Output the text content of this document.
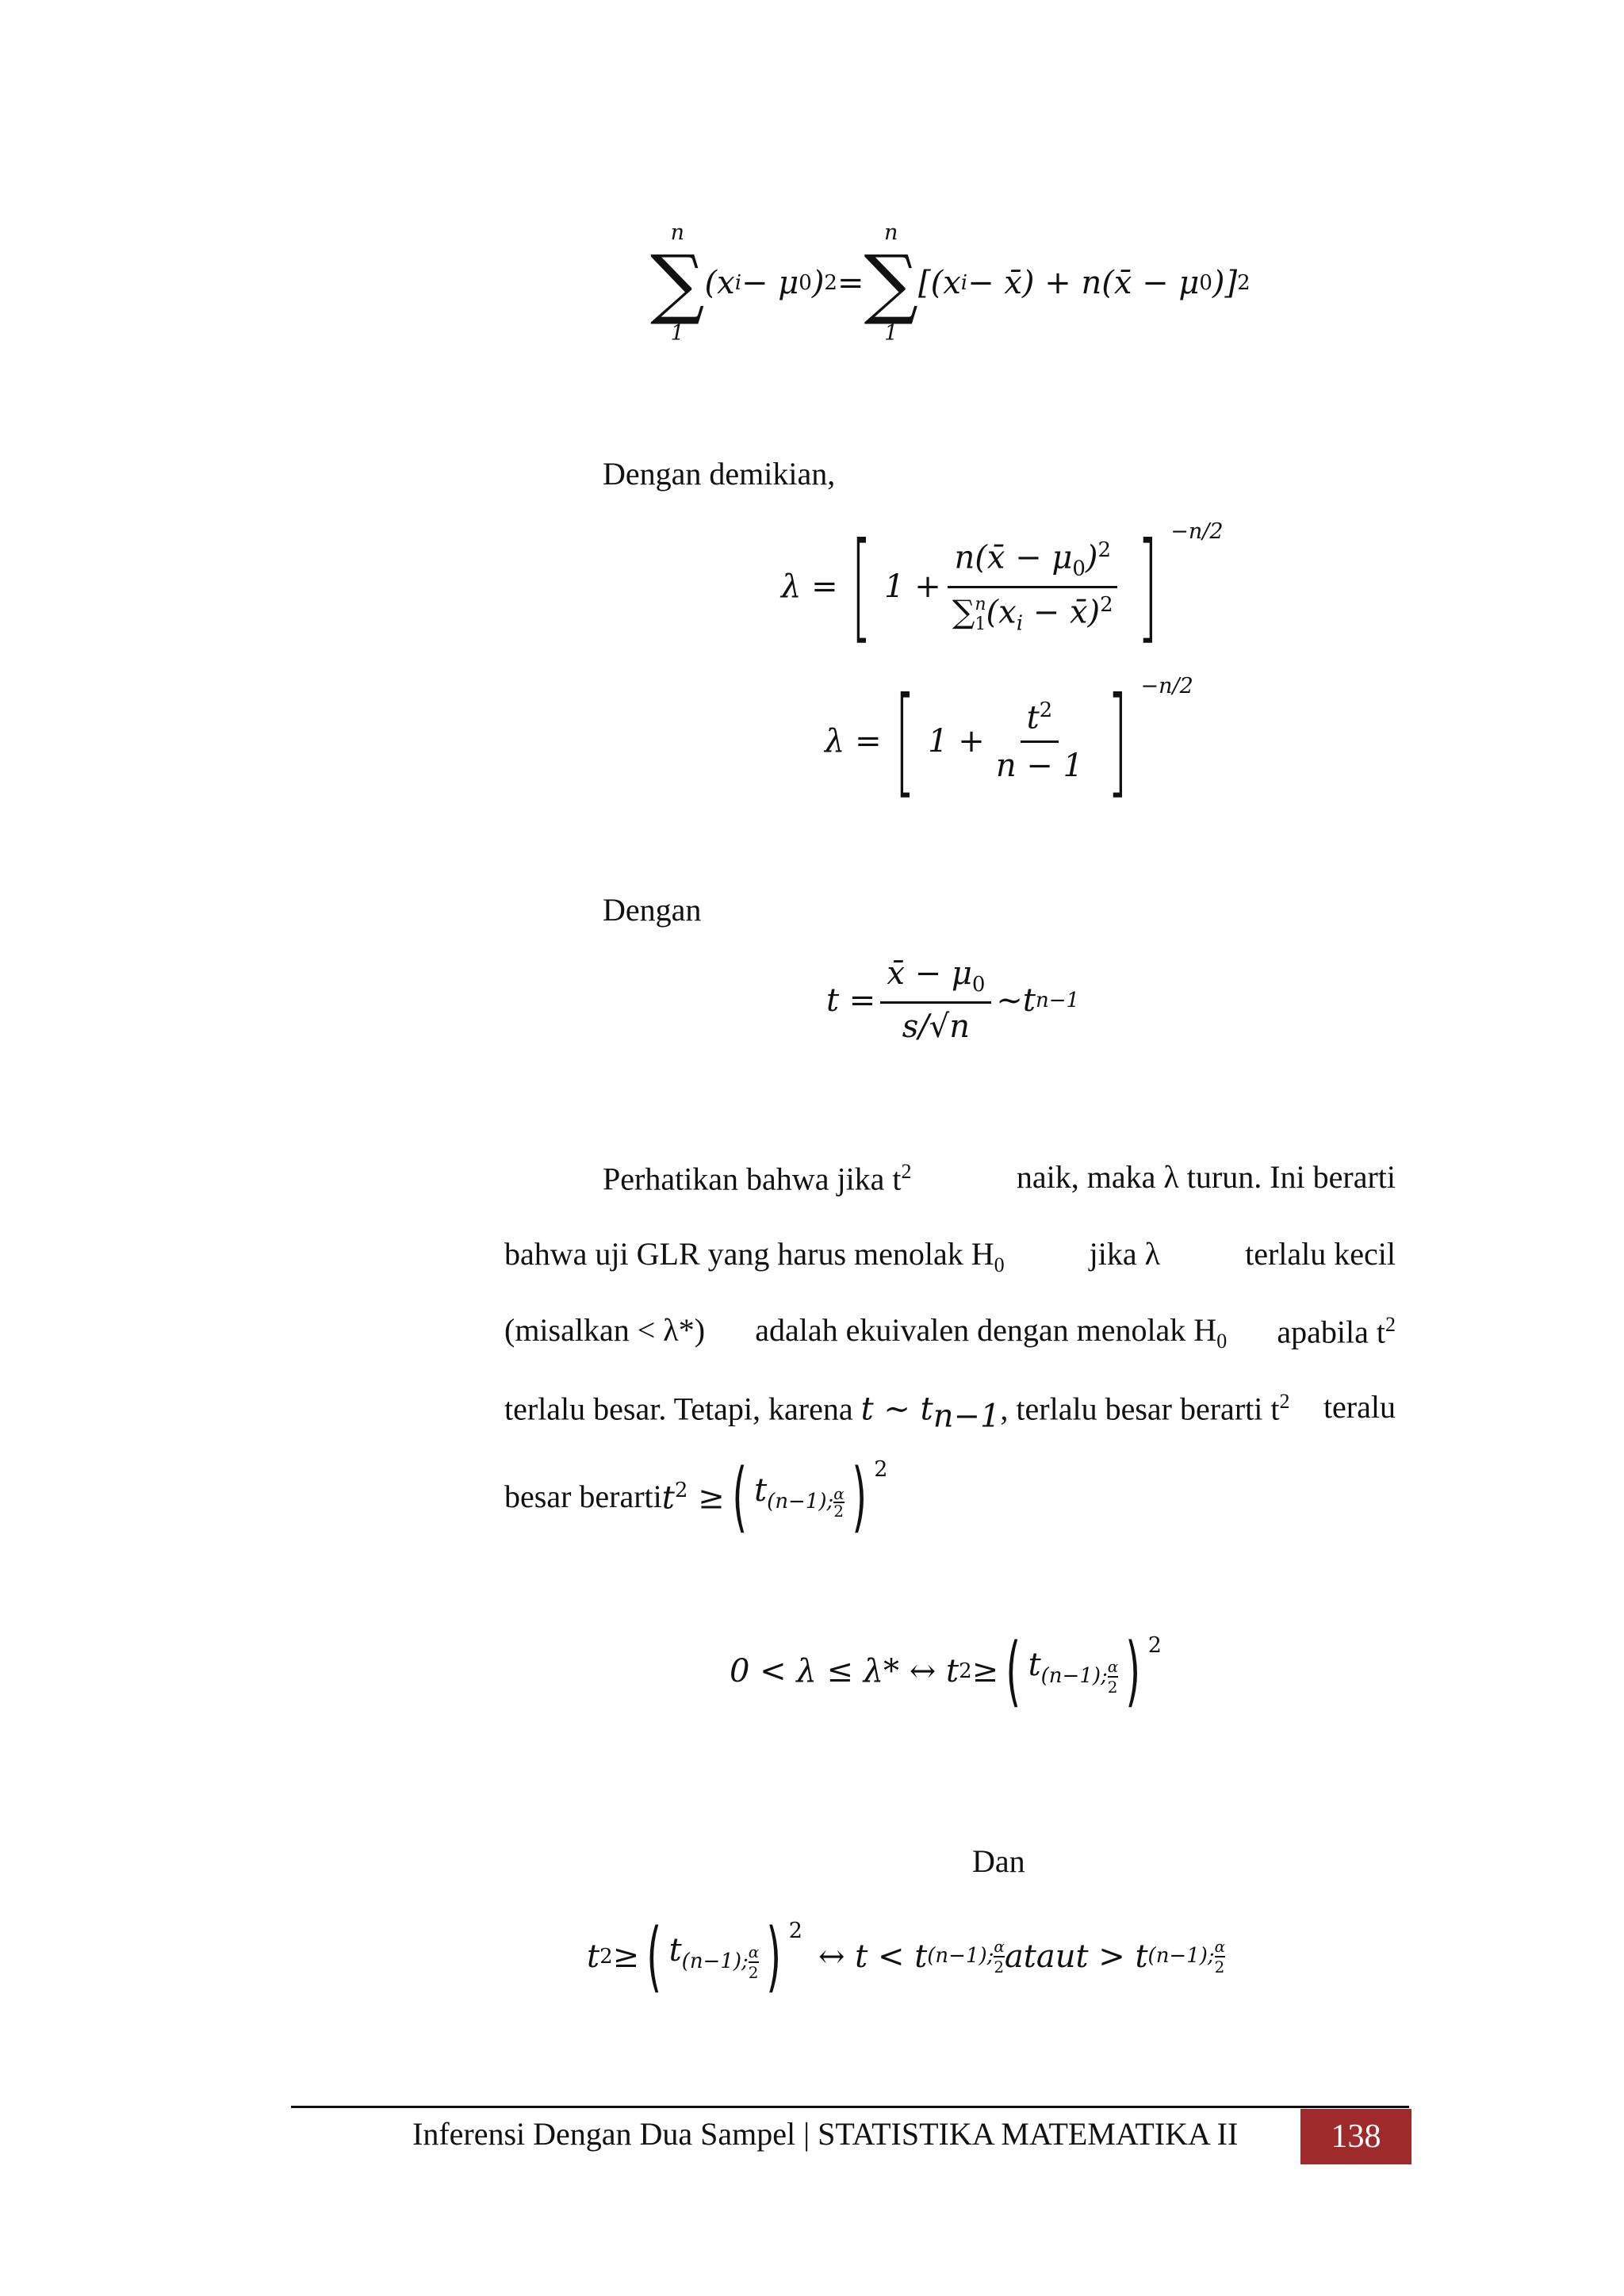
n
∑
1
(x i − μ 0 ) 2 =
n
∑
1
[(x i − x̄) + n(x̄ − μ 0 )] 2
Dengan demikian,
λ = [ 1 + n(x̄ − $\mu_0)^2$
∑ n
1 ($x_i$ − x̄)$^2$ ] −n/2
λ = [ $1 + \frac{t^2}{n - 1}$ ] −n/2
Dengan
$t = \frac{x̄ - \mu_0}{s/√n}$ ~t n−1
Perhatikan bahwa jika $t^2$	naik, maka λ turun. Ini berarti
bahwa uji GLR yang harus menolak $H_0$	jika λ	terlalu kecil
(misalkan < λ*) adalah ekuivalen dengan menolak $H_0$ apabila $t^2$
terlalu besar. Tetapi, karena t ∼ $t_{n-1}$, terlalu besar berarti $t^2$ teralu
besar berarti $t^2$ ≥ ( $t_{(n-1); \frac{\alpha}{2}}$ ) 2
0 < λ ≤ λ* ↔ t 2 ≥ ( $t_{(n-1); \frac{\alpha}{2}}$ ) 2
Dan
t 2 ≥ ( $t_{(n-1); \frac{\alpha}{2}}$ ) 2
↔ t < t (n−1); $\frac{\alpha}{2}$ atau t > t (n−1); $\frac{\alpha}{2}$
Inferensi Dengan Dua Sampel | STATISTIKA MATEMATIKA II	138
